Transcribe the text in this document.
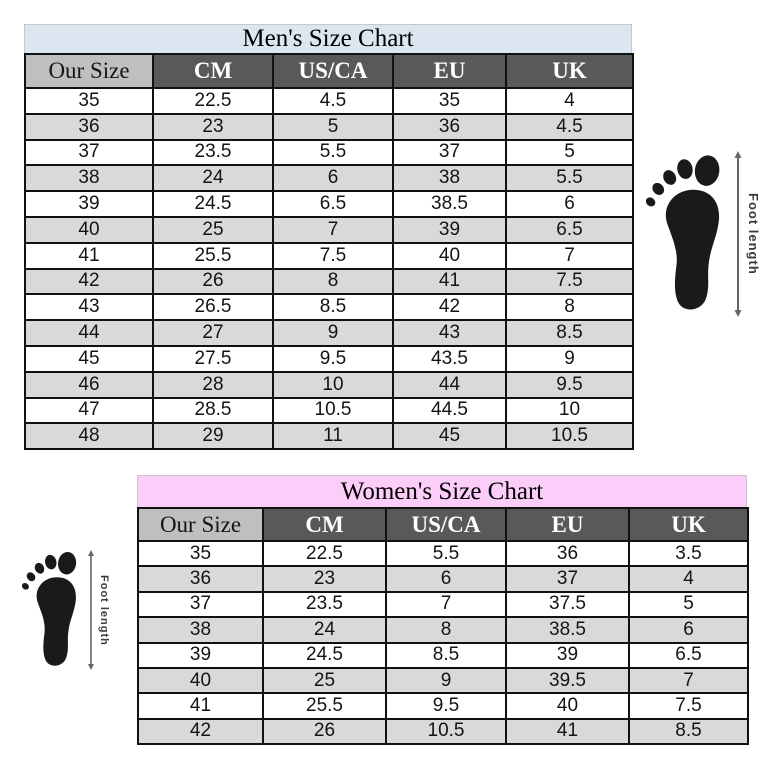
Men's Size Chart
Our Size	CM	US/CA	EU	UK
35	22.5	4.5	35	4
36	23	5	36	4.5
37	23.5	5.5	37	5
38	24	6	38	5.5
39	24.5	6.5	38.5	6
40	25	7	39	6.5
41	25.5	7.5	40	7
42	26	8	41	7.5
43	26.5	8.5	42	8
44	27	9	43	8.5
45	27.5	9.5	43.5	9
46	28	10	44	9.5
47	28.5	10.5	44.5	10
48	29	11	45	10.5
Women's Size Chart
Our Size	CM	US/CA	EU	UK
35	22.5	5.5	36	3.5
36	23	6	37	4
37	23.5	7	37.5	5
38	24	8	38.5	6
39	24.5	8.5	39	6.5
40	25	9	39.5	7
41	25.5	9.5	40	7.5
42	26	10.5	41	8.5
Foot length
Foot length
